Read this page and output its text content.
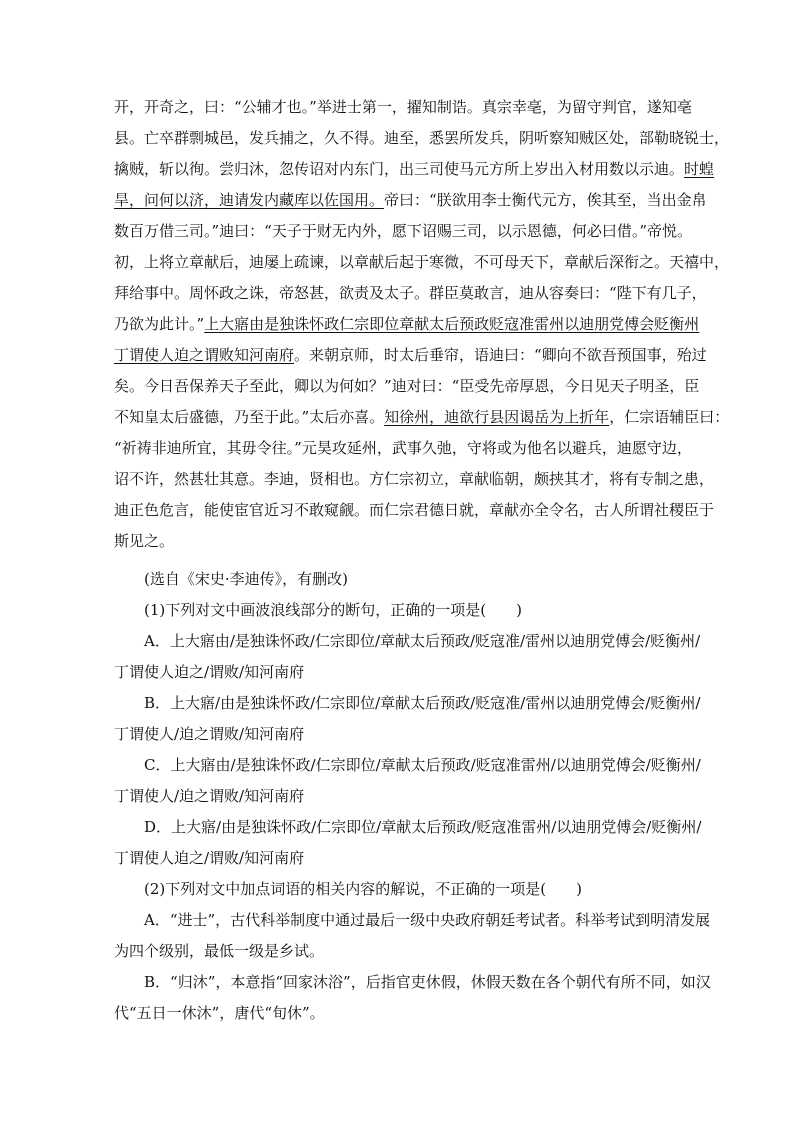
开，开奇之，曰：“公辅才也。”举进士第一，擢知制诰。真宗幸亳，为留守判官，遂知亳
县。亡卒群剽城邑，发兵捕之，久不得。迪至，悉罢所发兵，阴听察知贼区处，部勒晓锐士，
擒贼，斩以徇。尝归沐，忽传诏对内东门，出三司使马元方所上岁出入材用数以示迪。时蝗
旱，问何以济，迪请发内藏库以佐国用。帝曰：“朕欲用李士衡代元方，俟其至，当出金帛
数百万借三司。”迪曰：“天子于财无内外，愿下诏赐三司，以示恩德，何必曰借。”帝悦。
初，上将立章献后，迪屡上疏谏，以章献后起于寒微，不可母天下，章献后深衔之。天禧中，
拜给事中。周怀政之诛，帝怒甚，欲责及太子。群臣莫敢言，迪从容奏曰：“陛下有几子，
乃欲为此计。”上大寤由是独诛怀政仁宗即位章献太后预政贬寇准雷州以迪朋党傅会贬衡州
丁谓使人迫之谓败知河南府。来朝京师，时太后垂帘，语迪曰：“卿向不欲吾预国事，殆过
矣。今日吾保养天子至此，卿以为何如？”迪对曰：“臣受先帝厚恩，今日见天子明圣，臣
不知皇太后盛德，乃至于此。”太后亦喜。知徐州，迪欲行县因谒岳为上折年，仁宗语辅臣曰：
“祈祷非迪所宜，其毋令往。”元昊攻延州，武事久弛，守将或为他名以避兵，迪愿守边，
诏不许，然甚壮其意。李迪，贤相也。方仁宗初立，章献临朝，颇挟其才，将有专制之患，
迪正色危言，能使宦官近习不敢窥觎。而仁宗君德日就，章献亦全令名，古人所谓社稷臣于
斯见之。
(选自《宋史·李迪传》，有删改)
(1)下列对文中画波浪线部分的断句，正确的一项是(　　)
A．上大寤由/是独诛怀政/仁宗即位/章献太后预政/贬寇准/雷州以迪朋党傅会/贬衡州/
丁谓使人迫之/谓败/知河南府
B．上大寤/由是独诛怀政/仁宗即位/章献太后预政/贬寇准/雷州以迪朋党傅会/贬衡州/
丁谓使人/迫之谓败/知河南府
C．上大寤由/是独诛怀政/仁宗即位/章献太后预政/贬寇准雷州/以迪朋党傅会/贬衡州/
丁谓使人/迫之谓败/知河南府
D．上大寤/由是独诛怀政/仁宗即位/章献太后预政/贬寇准雷州/以迪朋党傅会/贬衡州/
丁谓使人迫之/谓败/知河南府
(2)下列对文中加点词语的相关内容的解说，不正确的一项是(　　)
A．“进士”，古代科举制度中通过最后一级中央政府朝廷考试者。科举考试到明清发展
为四个级别，最低一级是乡试。
B．“归沐”，本意指“回家沐浴”，后指官吏休假，休假天数在各个朝代有所不同，如汉
代“五日一休沐”，唐代“旬休”。
